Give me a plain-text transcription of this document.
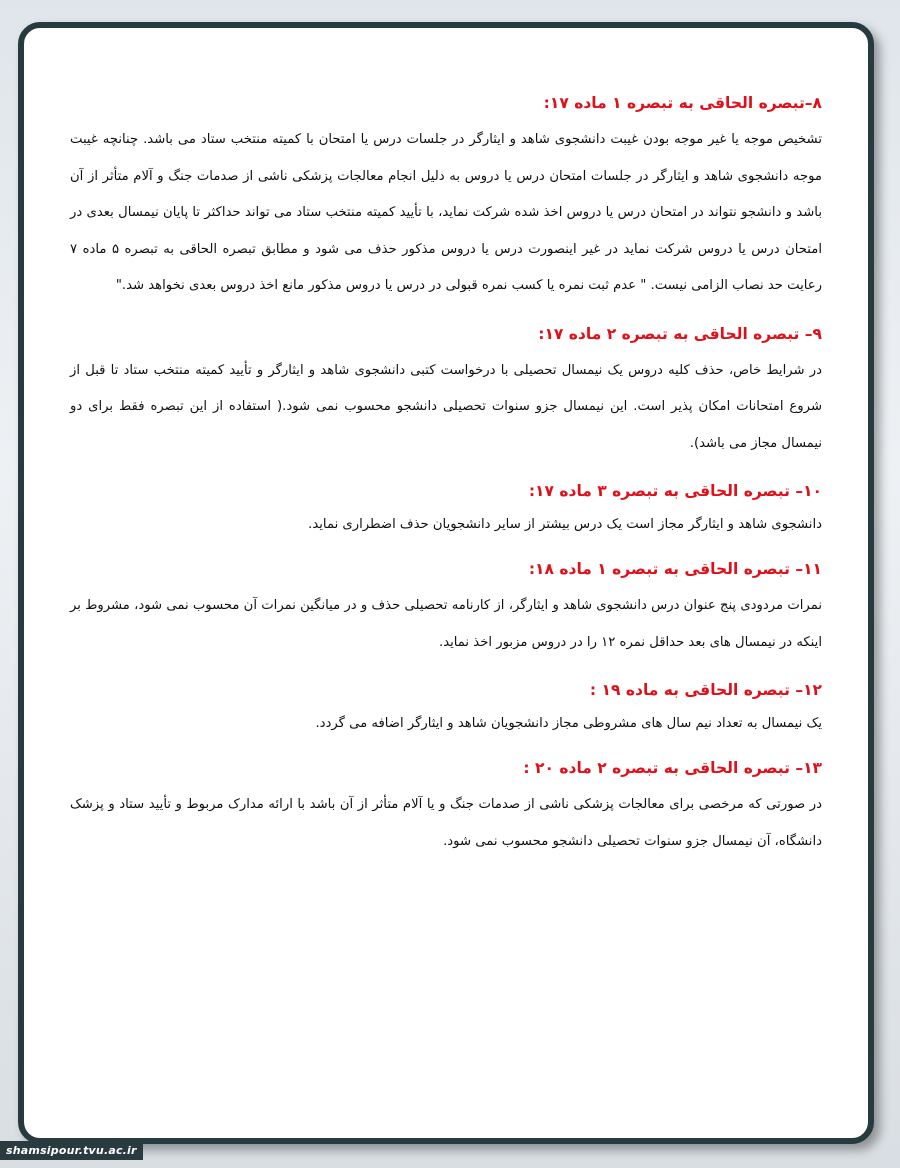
۸–تبصره الحاقی به تبصره ۱ ماده ۱۷:

تشخیص موجه یا غیر موجه بودن غیبت دانشجوی شاهد و ایثارگر در جلسات درس یا امتحان با کمیته منتخب ستاد می باشد. چنانچه غیبت موجه دانشجوی شاهد و ایثارگر در جلسات امتحان درس یا دروس به دلیل انجام معالجات پزشکی ناشی از صدمات جنگ و آلام متأثر از آن باشد و دانشجو نتواند در امتحان درس یا دروس اخذ شده شرکت نماید، با تأیید کمیته منتخب ستاد می تواند حداکثر تا پایان نیمسال بعدی در امتحان درس یا دروس شرکت نماید در غیر اینصورت درس یا دروس مذکور حذف می شود و مطابق تبصره الحاقی به تبصره ۵ ماده ۷ رعایت حد نصاب الزامی نیست. " عدم ثبت نمره یا کسب نمره قبولی در درس یا دروس مذکور مانع اخذ دروس بعدی نخواهد شد."

۹– تبصره الحاقی به تبصره ۲ ماده ۱۷:

در شرایط خاص، حذف کلیه دروس یک نیمسال تحصیلی با درخواست کتبی دانشجوی شاهد و ایثارگر و تأیید کمیته منتخب ستاد تا قبل از شروع امتحانات امکان پذیر است. این نیمسال جزو سنوات تحصیلی دانشجو محسوب نمی شود.( استفاده از این تبصره فقط برای دو نیمسال مجاز می باشد).

۱۰– تبصره الحاقی به تبصره ۳ ماده ۱۷:

دانشجوی شاهد و ایثارگر مجاز است یک درس بیشتر از سایر دانشجویان حذف اضطراری نماید.

۱۱– تبصره الحاقی به تبصره ۱ ماده ۱۸:

نمرات مردودی پنج عنوان درس دانشجوی شاهد و ایثارگر، از کارنامه تحصیلی حذف و در میانگین نمرات آن محسوب نمی شود، مشروط بر اینکه در نیمسال های بعد حداقل نمره ۱۲ را در دروس مزبور اخذ نماید.

۱۲– تبصره الحاقی به ماده ۱۹ :

یک نیمسال به تعداد نیم سال های مشروطی مجاز دانشجویان شاهد و ایثارگر اضافه می گردد.

۱۳– تبصره الحاقی به تبصره ۲ ماده ۲۰ :

در صورتی که مرخصی برای معالجات پزشکی ناشی از صدمات جنگ و یا آلام متأثر از آن باشد با ارائه مدارک مربوط و تأیید ستاد و پزشک دانشگاه، آن نیمسال جزو سنوات تحصیلی دانشجو محسوب نمی شود.

shamsipour.tvu.ac.ir
